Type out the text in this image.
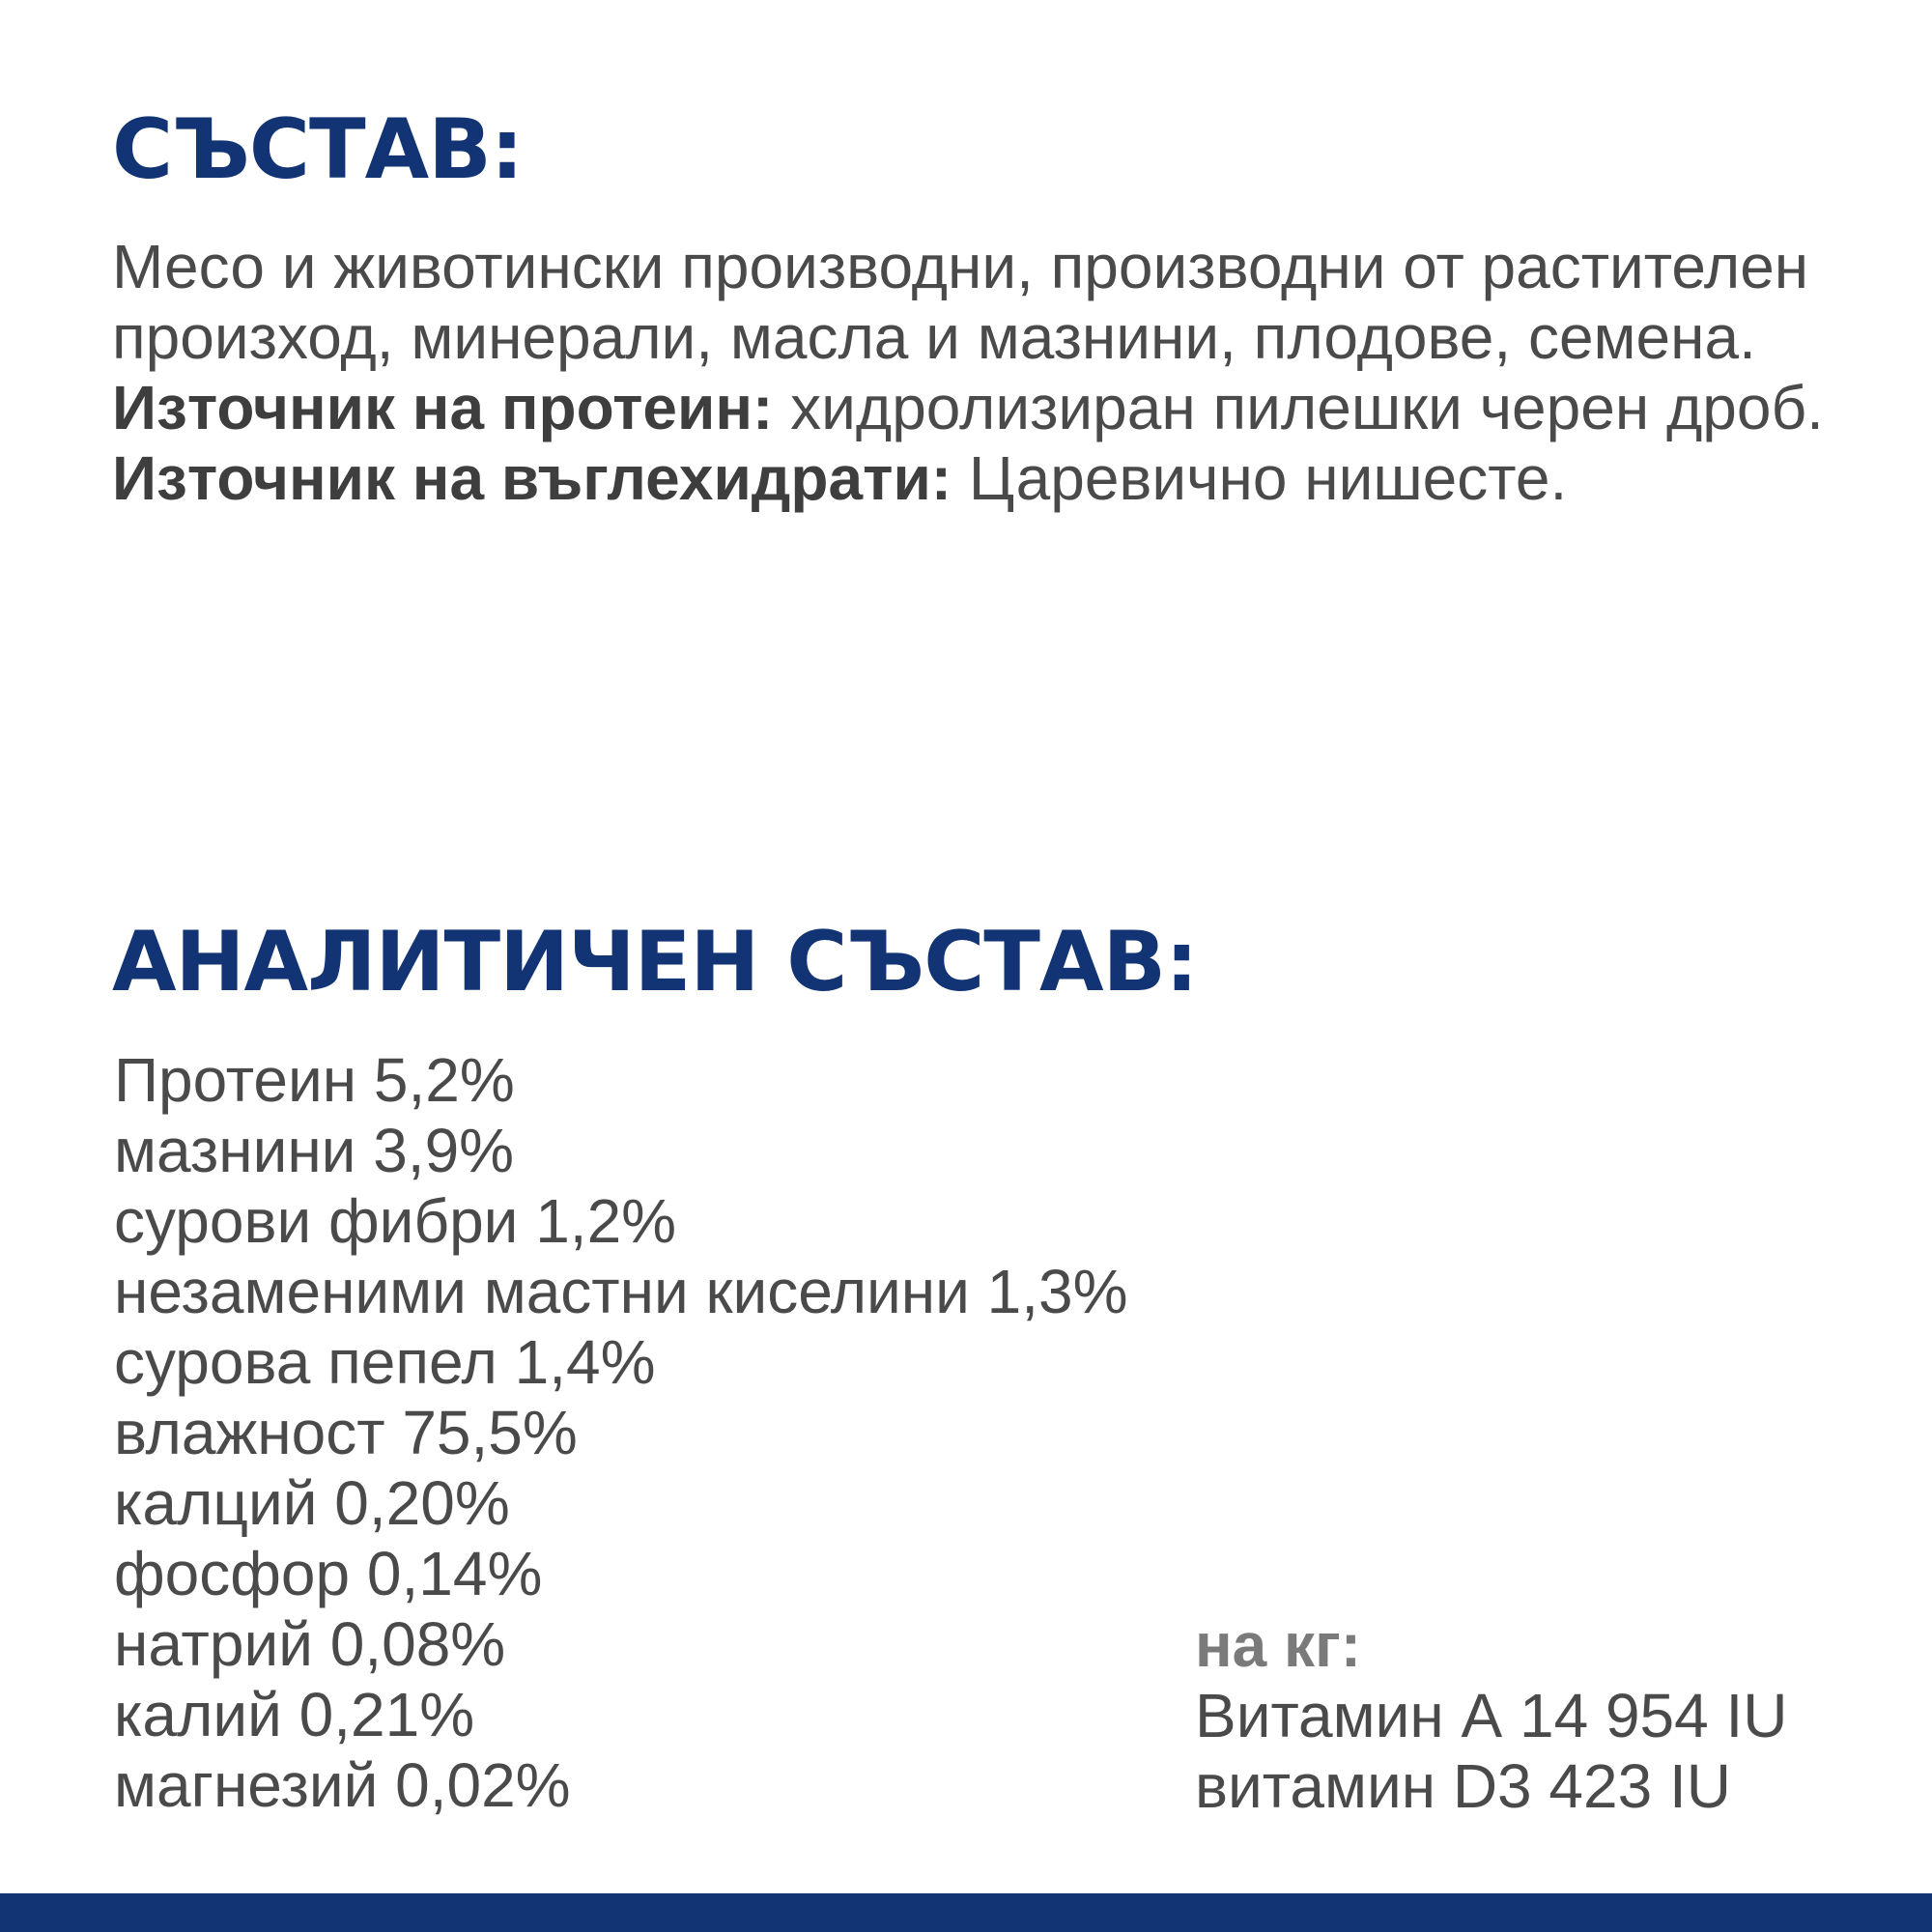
СЪСТАВ:

Месо и животински производни, производни от растителен произход, минерали, масла и мазнини, плодове, семена.

Източник на протеин: хидролизиран пилешки черен дроб.

Източник на въглехидрати: Царевично нишесте.

АНАЛИТИЧЕН СЪСТАВ:
Протеин 5,2%
мазнини 3,9%
сурови фибри 1,2%
незаменими мастни киселини 1,3%
сурова пепел 1,4%
влажност 75,5%
калций 0,20%
фосфор 0,14%
натрий 0,08%
калий 0,21%
магнезий 0,02%
на кг:
Витамин А 14 954 IU
витамин D3 423 IU
